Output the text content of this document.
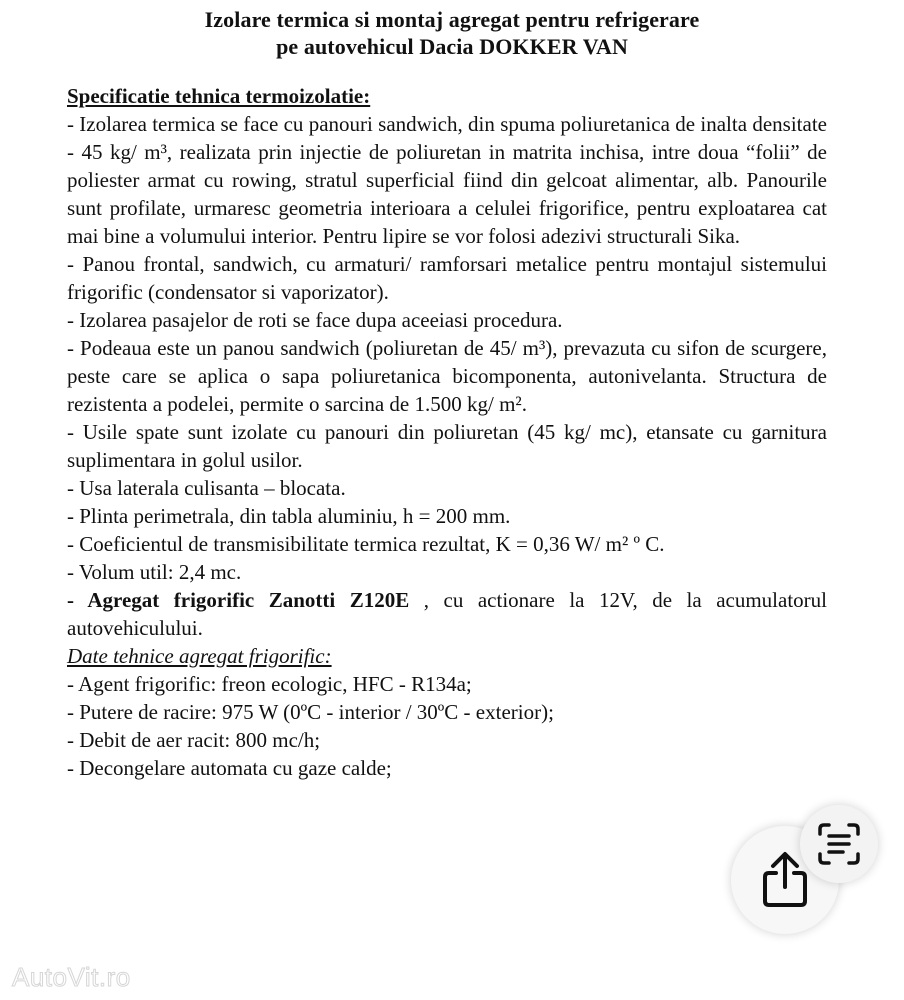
Izolare termica si montaj agregat pentru refrigerare
pe autovehicul Dacia DOKKER VAN
Specificatie tehnica termoizolatie:

- Izolarea termica se face cu panouri sandwich, din spuma poliuretanica de inalta densitate - 45 kg/ m³, realizata prin injectie de poliuretan in matrita inchisa, intre doua “folii” de poliester armat cu rowing, stratul superficial fiind din gelcoat alimentar, alb. Panourile sunt profilate, urmaresc geometria interioara a celulei frigorifice, pentru exploatarea cat mai bine a volumului interior. Pentru lipire se vor folosi adezivi structurali Sika.

- Panou frontal, sandwich, cu armaturi/ ramforsari metalice pentru montajul sistemului frigorific (condensator si vaporizator).

- Izolarea pasajelor de roti se face dupa aceeiasi procedura.

- Podeaua este un panou sandwich (poliuretan de 45/ m³), prevazuta cu sifon de scurgere, peste care se aplica o sapa poliuretanica bicomponenta, autonivelanta. Structura de rezistenta a podelei, permite o sarcina de 1.500 kg/ m².

- Usile spate sunt izolate cu panouri din poliuretan (45 kg/ mc), etansate cu garnitura suplimentara in golul usilor.

- Usa laterala culisanta – blocata.

- Plinta perimetrala, din tabla aluminiu, h = 200 mm.

- Coeficientul de transmisibilitate termica rezultat, K = 0,36 W/ m² º C.

- Volum util: 2,4 mc.

- Agregat frigorific Zanotti Z120E , cu actionare la 12V, de la acumulatorul autovehiculului.

Date tehnice agregat frigorific:

- Agent frigorific: freon ecologic, HFC - R134a;

- Putere de racire: 975 W (0ºC - interior / 30ºC - exterior);

- Debit de aer racit: 800 mc/h;

- Decongelare automata cu gaze calde;

AutoVit.ro
